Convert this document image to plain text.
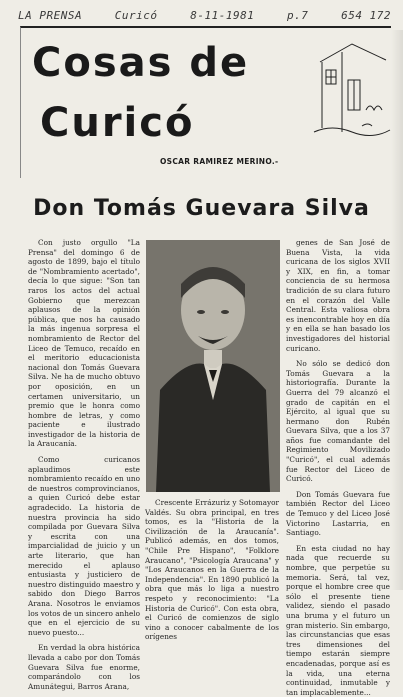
LA PRENSA	Curicó	8-11-1981	p.7	654 172
Cosas de
Curicó
OSCAR RAMIREZ MERINO.-
Don Tomás Guevara Silva

Con justo orgullo "La Prensa" del domingo 6 de agosto de 1899, bajo el título de "Nombramiento acertado", decía lo que sigue: "Son tan raros los actos del actual Gobierno que merezcan aplausos de la opinión pública, que nos ha causado la más ingenua sorpresa el nombramiento de Rector del Liceo de Temuco, recaído en el meritorio educacionista nacional don Tomás Guevara Silva. Ne ha de mucho obtuvo por oposición, en un certamen universitario, un premio que le honra como hombre de letras, y como paciente e ilustrado investigador de la historia de la Araucanía.

Como curicanos aplaudimos este nombramiento recaído en uno de nuestros comprovincianos, a quien Curicó debe estar agradecido. La historia de nuestra provincia ha sido compilada por Guevara Silva y escrita con una imparcialidad de juicio y un arte literario, que han merecido el aplauso entusiasta y justiciero de nuestro distinguido maestro y sabido don Diego Barros Arana. Nosotros le enviamos los votos de un sincero anhelo que en el ejercicio de su nuevo puesto...

En verdad la obra histórica llevada a cabo por don Tomás Guevara Silva fue enorme, comparándolo con los Amunátegui, Barros Arana,

Crescente Errázuriz y Sotomayor Valdés. Su obra principal, en tres tomos, es la "Historia de la Civilización de la Araucanía". Publicó además, en dos tomos, "Chile Pre Hispano", "Folklore Araucano", "Psicología Araucana" y "Los Araucanos en la Guerra de la Independencia". En 1890 publicó la obra que más lo liga a nuestro respeto y reconocimiento: "La Historia de Curicó". Con esta obra, el Curicó de comienzos de siglo vino a conocer cabalmente de los orígenes

genes de San José de Buena Vista, la vida curicana de los siglos XVII y XIX, en fin, a tomar conciencia de su hermosa tradición de su clara futuro en el corazón del Valle Central. Esta valiosa obra es inencontrable hoy en día y en ella se han basado los investigadores del historial curicano.

No sólo se dedicó don Tomás Guevara a la historiografía. Durante la Guerra del 79 alcanzó el grado de capitán en el Ejército, al igual que su hermano don Rubén Guevara Silva, que a los 37 años fue comandante del Regimiento Movilizado "Curicó", el cual además fue Rector del Liceo de Curicó.

Don Tomás Guevara fue también Rector del Liceo de Temuco y del Liceo José Victorino Lastarria, en Santiago.

En esta ciudad no hay nada que recuerde su nombre, que perpetúe su memoria. Será, tal vez, porque el hombre cree que sólo el presente tiene validez, siendo el pasado una bruma y el futuro un gran misterio. Sin embargo, las circunstancias que esas tres dimensiones del tiempo estarán siempre encadenadas, porque así es la vida, una eterna continuidad, inmutable y tan implacablemente...
